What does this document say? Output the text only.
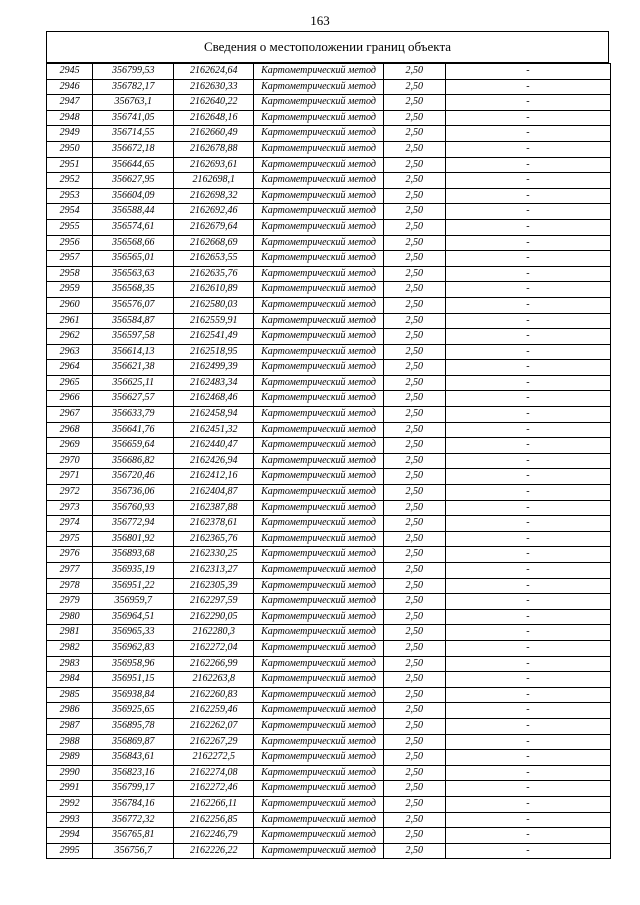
163
Сведения о местоположении границ объекта
2945	356799,53	2162624,64	Картометрический метод	2,50	-
2946	356782,17	2162630,33	Картометрический метод	2,50	-
2947	356763,1	2162640,22	Картометрический метод	2,50	-
2948	356741,05	2162648,16	Картометрический метод	2,50	-
2949	356714,55	2162660,49	Картометрический метод	2,50	-
2950	356672,18	2162678,88	Картометрический метод	2,50	-
2951	356644,65	2162693,61	Картометрический метод	2,50	-
2952	356627,95	2162698,1	Картометрический метод	2,50	-
2953	356604,09	2162698,32	Картометрический метод	2,50	-
2954	356588,44	2162692,46	Картометрический метод	2,50	-
2955	356574,61	2162679,64	Картометрический метод	2,50	-
2956	356568,66	2162668,69	Картометрический метод	2,50	-
2957	356565,01	2162653,55	Картометрический метод	2,50	-
2958	356563,63	2162635,76	Картометрический метод	2,50	-
2959	356568,35	2162610,89	Картометрический метод	2,50	-
2960	356576,07	2162580,03	Картометрический метод	2,50	-
2961	356584,87	2162559,91	Картометрический метод	2,50	-
2962	356597,58	2162541,49	Картометрический метод	2,50	-
2963	356614,13	2162518,95	Картометрический метод	2,50	-
2964	356621,38	2162499,39	Картометрический метод	2,50	-
2965	356625,11	2162483,34	Картометрический метод	2,50	-
2966	356627,57	2162468,46	Картометрический метод	2,50	-
2967	356633,79	2162458,94	Картометрический метод	2,50	-
2968	356641,76	2162451,32	Картометрический метод	2,50	-
2969	356659,64	2162440,47	Картометрический метод	2,50	-
2970	356686,82	2162426,94	Картометрический метод	2,50	-
2971	356720,46	2162412,16	Картометрический метод	2,50	-
2972	356736,06	2162404,87	Картометрический метод	2,50	-
2973	356760,93	2162387,88	Картометрический метод	2,50	-
2974	356772,94	2162378,61	Картометрический метод	2,50	-
2975	356801,92	2162365,76	Картометрический метод	2,50	-
2976	356893,68	2162330,25	Картометрический метод	2,50	-
2977	356935,19	2162313,27	Картометрический метод	2,50	-
2978	356951,22	2162305,39	Картометрический метод	2,50	-
2979	356959,7	2162297,59	Картометрический метод	2,50	-
2980	356964,51	2162290,05	Картометрический метод	2,50	-
2981	356965,33	2162280,3	Картометрический метод	2,50	-
2982	356962,83	2162272,04	Картометрический метод	2,50	-
2983	356958,96	2162266,99	Картометрический метод	2,50	-
2984	356951,15	2162263,8	Картометрический метод	2,50	-
2985	356938,84	2162260,83	Картометрический метод	2,50	-
2986	356925,65	2162259,46	Картометрический метод	2,50	-
2987	356895,78	2162262,07	Картометрический метод	2,50	-
2988	356869,87	2162267,29	Картометрический метод	2,50	-
2989	356843,61	2162272,5	Картометрический метод	2,50	-
2990	356823,16	2162274,08	Картометрический метод	2,50	-
2991	356799,17	2162272,46	Картометрический метод	2,50	-
2992	356784,16	2162266,11	Картометрический метод	2,50	-
2993	356772,32	2162256,85	Картометрический метод	2,50	-
2994	356765,81	2162246,79	Картометрический метод	2,50	-
2995	356756,7	2162226,22	Картометрический метод	2,50	-
